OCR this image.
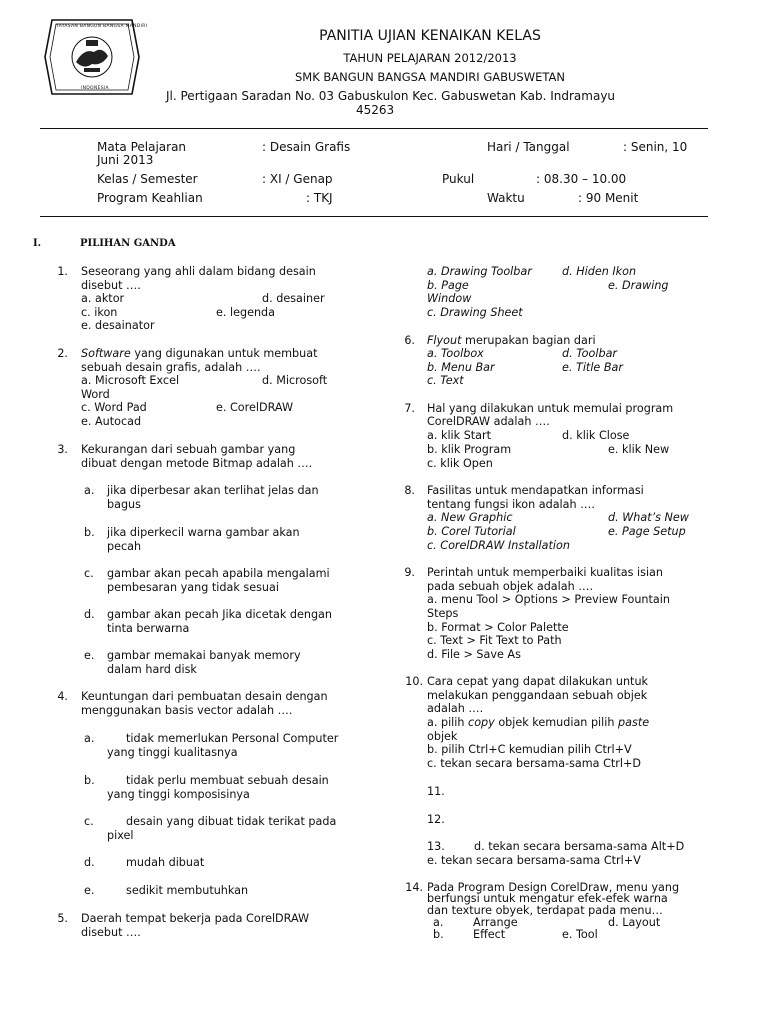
YAYASAN BANGUN BANGSA MANDIRI
INDONESIA
PANITIA UJIAN KENAIKAN KELAS
TAHUN PELAJARAN 2012/2013
SMK BANGUN BANGSA MANDIRI GABUSWETAN
Jl. Pertigaan Saradan No. 03 Gabuskulon Kec. Gabuswetan Kab. Indramayu
45263
Mata Pelajaran	: Desain Grafis	Hari / Tanggal	: Senin, 10
Juni 2013
Kelas / Semester	: XI / Genap	Pukul	: 08.30 – 10.00
Program Keahlian	: TKJ	Waktu	: 90 Menit
I.	PILIHAN GANDA
1. Seseorang yang ahli dalam bidang desain
disebut ….
a. aktor	d. desainer
c. ikon	e. legenda
e. desainator
2. Software yang digunakan untuk membuat
sebuah desain grafis, adalah ….
a. Microsoft Excel	d. Microsoft
Word
c. Word Pad	e. CorelDRAW
e. Autocad
3. Kekurangan dari sebuah gambar yang
dibuat dengan metode Bitmap adalah ….
a. jika diperbesar akan terlihat jelas dan
bagus
b. jika diperkecil warna gambar akan
pecah
c. gambar akan pecah apabila mengalami
pembesaran yang tidak sesuai
d. gambar akan pecah Jika dicetak dengan
tinta berwarna
e. gambar memakai banyak memory
dalam hard disk
4. Keuntungan dari pembuatan desain dengan
menggunakan basis vector adalah ….
a.	tidak memerlukan Personal Computer
yang tinggi kualitasnya
b.	tidak perlu membuat sebuah desain
yang tinggi komposisinya
c.	desain yang dibuat tidak terikat pada
pixel
d.	mudah dibuat
e.	sedikit membutuhkan
5. Daerah tempat bekerja pada CorelDRAW
disebut ….
a. Drawing Toolbar	d. Hiden Ikon
b. Page	e. Drawing
Window
c. Drawing Sheet
6. Flyout merupakan bagian dari
a. Toolbox	d. Toolbar
b. Menu Bar	e. Title Bar
c. Text
7. Hal yang dilakukan untuk memulai program
CorelDRAW adalah ….
a. klik Start	d. klik Close
b. klik Program	e. klik New
c. klik Open
8. Fasilitas untuk mendapatkan informasi
tentang fungsi ikon adalah ….
a. New Graphic	d. What’s New
b. Corel Tutorial	e. Page Setup
c. CorelDRAW Installation
9. Perintah untuk memperbaiki kualitas isian
pada sebuah objek adalah ….
a. menu Tool > Options > Preview Fountain
Steps
b. Format > Color Palette
c. Text > Fit Text to Path
d. File > Save As
10. Cara cepat yang dapat dilakukan untuk
melakukan penggandaan sebuah objek
adalah ….
a. pilih copy objek kemudian pilih paste
objek
b. pilih Ctrl+C kemudian pilih Ctrl+V
c. tekan secara bersama-sama Ctrl+D
11.
12.
13.	d. tekan secara bersama-sama Alt+D
e. tekan secara bersama-sama Ctrl+V
14. Pada Program Design CorelDraw, menu yang
berfungsi untuk mengatur efek-efek warna
dan texture obyek, terdapat pada menu…
a.	Arrange	d. Layout
b.	Effect	e. Tool
